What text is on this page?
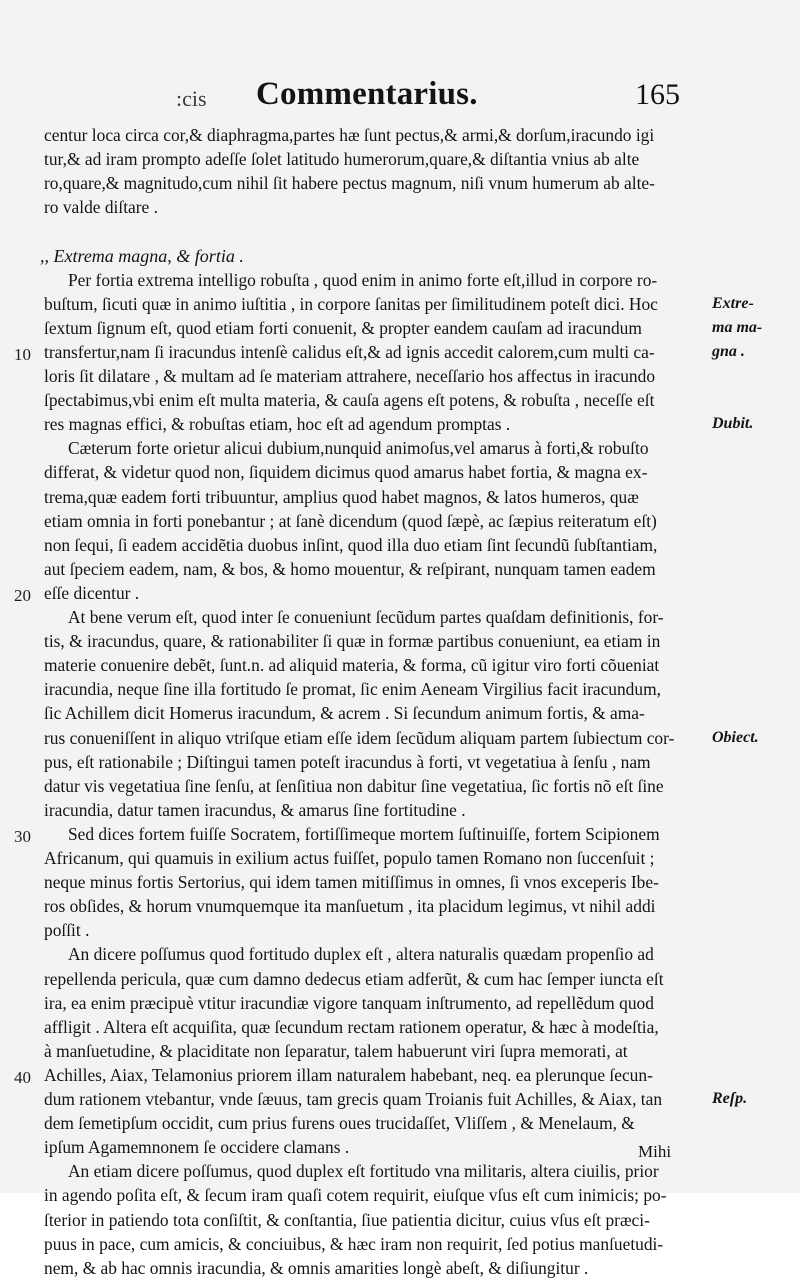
:cis Commentarius.	165
centur loca circa cor,& diaphragma,partes hæ ſunt pectus,& armi,& dorſum,iracundo igi
tur,& ad iram prompto adeſſe ſolet latitudo humerorum,quare,& diſtantia vnius ab alte
ro,quare,& magnitudo,cum nihil ſit habere pectus magnum, niſi vnum humerum ab alte-
ro valde diſtare .
,, Extrema magna, & fortia .
Per fortia extrema intelligo robuſta , quod enim in animo forte eſt,illud in corpore ro-
buſtum, ſicuti quæ in animo iuſtitia , in corpore ſanitas per ſimilitudinem poteſt dici. Hoc
ſextum ſignum eſt, quod etiam forti conuenit, & propter eandem cauſam ad iracundum
transfertur,nam ſi iracundus intenſè calidus eſt,& ad ignis accedit calorem,cum multi ca-
10
loris ſit dilatare , & multam ad ſe materiam attrahere, neceſſario hos affectus in iracundo
ſpectabimus,vbi enim eſt multa materia, & cauſa agens eſt potens, & robuſta , neceſſe eſt
res magnas effici, & robuſtas etiam, hoc eſt ad agendum promptas .
Cæterum forte orietur alicui dubium,nunquid animoſus,vel amarus à forti,& robuſto
differat, & videtur quod non, ſiquidem dicimus quod amarus habet fortia, & magna ex-
trema,quæ eadem forti tribuuntur, amplius quod habet magnos, & latos humeros, quæ
etiam omnia in forti ponebantur ; at ſanè dicendum (quod ſæpè, ac ſæpius reiteratum eſt)
non ſequi, ſi eadem accidẽtia duobus inſint, quod illa duo etiam ſint ſecundũ ſubſtantiam,
aut ſpeciem eadem, nam, & bos, & homo mouentur, & reſpirant, nunquam tamen eadem
eſſe dicentur .
20
At bene verum eſt, quod inter ſe conueniunt ſecũdum partes quaſdam definitionis, for-
tis, & iracundus, quare, & rationabiliter ſi quæ in formæ partibus conueniunt, ea etiam in
materie conuenire debẽt, ſunt.n. ad aliquid materia, & forma, cũ igitur viro forti cõueniat
iracundia, neque ſine illa fortitudo ſe promat, ſic enim Aeneam Virgilius facit iracundum,
ſic Achillem dicit Homerus iracundum, & acrem . Si ſecundum animum fortis, & ama-
rus conueniſſent in aliquo vtriſque etiam eſſe idem ſecũdum aliquam partem ſubiectum cor-
pus, eſt rationabile ; Diſtingui tamen poteſt iracundus à forti, vt vegetatiua à ſenſu , nam
datur vis vegetatiua ſine ſenſu, at ſenſitiua non dabitur ſine vegetatiua, ſic fortis nõ eſt ſine
iracundia, datur tamen iracundus, & amarus ſine fortitudine .
Sed dices fortem fuiſſe Socratem, fortiſſimeque mortem ſuſtinuiſſe, fortem Scipionem
30
Africanum, qui quamuis in exilium actus fuiſſet, populo tamen Romano non ſuccenſuit ;
neque minus fortis Sertorius, qui idem tamen mitiſſimus in omnes, ſi vnos exceperis Ibe-
ros obſides, & horum vnumquemque ita manſuetum , ita placidum legimus, vt nihil addi
poſſit .
An dicere poſſumus quod fortitudo duplex eſt , altera naturalis quædam propenſio ad
repellenda pericula, quæ cum damno dedecus etiam adferũt, & cum hac ſemper iuncta eſt
ira, ea enim præcipuè vtitur iracundiæ vigore tanquam inſtrumento, ad repellẽdum quod
affligit . Altera eſt acquiſita, quæ ſecundum rectam rationem operatur, & hæc à modeſtia,
à manſuetudine, & placiditate non ſeparatur, talem habuerunt viri ſupra memorati, at
Achilles, Aiax, Telamonius priorem illam naturalem habebant, neq. ea plerunque ſecun-
40
dum rationem vtebantur, vnde ſæuus, tam grecis quam Troianis fuit Achilles, & Aiax, tan
dem ſemetipſum occidit, cum prius furens oues trucidaſſet, Vliſſem , & Menelaum, &
ipſum Agamemnonem ſe occidere clamans .
An etiam dicere poſſumus, quod duplex eſt fortitudo vna militaris, altera ciuilis, prior
in agendo poſita eſt, & ſecum iram quaſi cotem requirit, eiuſque vſus eſt cum inimicis; po-
ſterior in patiendo tota conſiſtit, & conſtantia, ſiue patientia dicitur, cuius vſus eſt præci-
puus in pace, cum amicis, & conciuibus, & hæc iram non requirit, ſed potius manſuetudi-
nem, & ab hac omnis iracundia, & omnis amarities longè abeſt, & diſiungitur .
Extre-
ma ma-
gna .
Dubit.
Obiect.
Reſp.
Mihi
